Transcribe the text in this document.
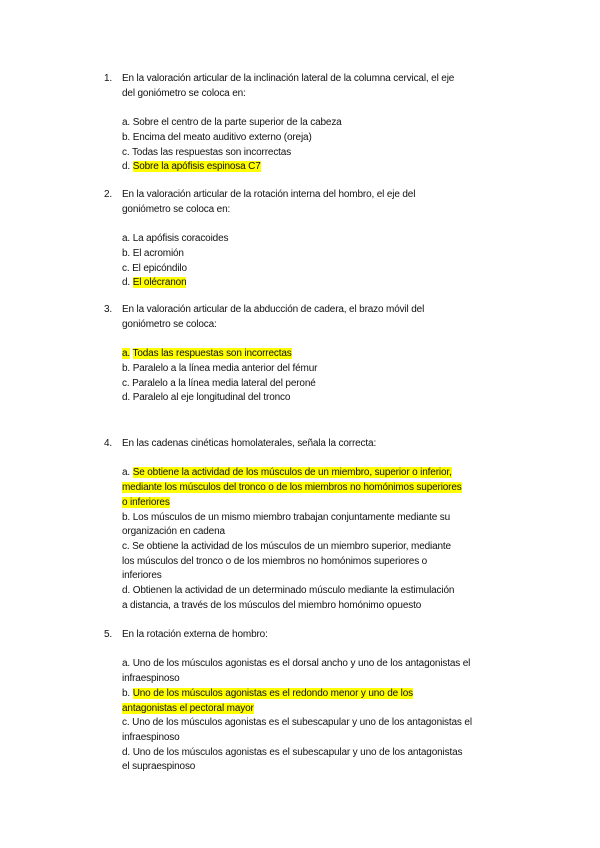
1. En la valoración articular de la inclinación lateral de la columna cervical, el eje
del goniómetro se coloca en:
a. Sobre el centro de la parte superior de la cabeza
b. Encima del meato auditivo externo (oreja)
c. Todas las respuestas son incorrectas
d. Sobre la apófisis espinosa C7
2. En la valoración articular de la rotación interna del hombro, el eje del
goniómetro se coloca en:
a. La apófisis coracoides
b. El acromión
c. El epicóndilo
d. El olécranon
3. En la valoración articular de la abducción de cadera, el brazo móvil del
goniómetro se coloca:
a. Todas las respuestas son incorrectas
b. Paralelo a la línea media anterior del fémur
c. Paralelo a la línea media lateral del peroné
d. Paralelo al eje longitudinal del tronco
4. En las cadenas cinéticas homolaterales, señala la correcta:
a. Se obtiene la actividad de los músculos de un miembro, superior o inferior,
mediante los músculos del tronco o de los miembros no homónimos superiores
o inferiores
b. Los músculos de un mismo miembro trabajan conjuntamente mediante su
organización en cadena
c. Se obtiene la actividad de los músculos de un miembro superior, mediante
los músculos del tronco o de los miembros no homónimos superiores o
inferiores
d. Obtienen la actividad de un determinado músculo mediante la estimulación
a distancia, a través de los músculos del miembro homónimo opuesto
5. En la rotación externa de hombro:
a. Uno de los músculos agonistas es el dorsal ancho y uno de los antagonistas el
infraespinoso
b. Uno de los músculos agonistas es el redondo menor y uno de los
antagonistas el pectoral mayor
c. Uno de los músculos agonistas es el subescapular y uno de los antagonistas el
infraespinoso
d. Uno de los músculos agonistas es el subescapular y uno de los antagonistas
el supraespinoso
